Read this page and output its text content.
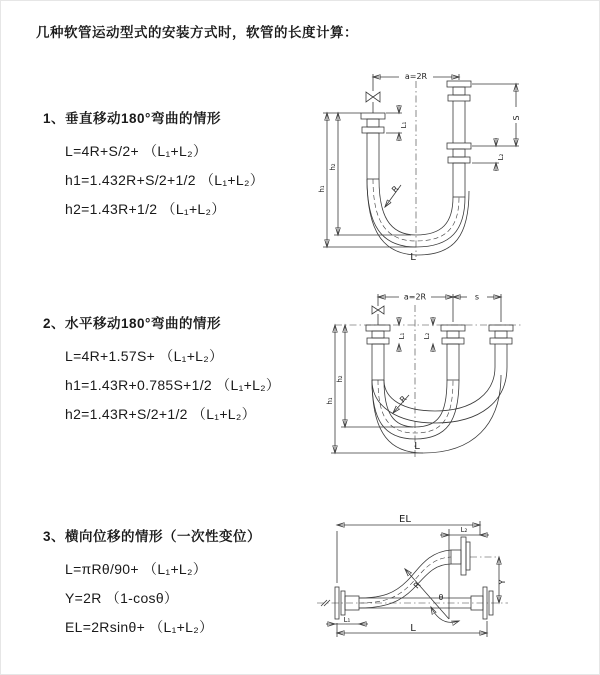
几种软管运动型式的安装方式时，软管的长度计算：
1、垂直移动180°弯曲的情形
L=4R+S/2+ （L₁+L₂）
h1=1.432R+S/2+1/2 （L₁+L₂）
h2=1.43R+1/2 （L₁+L₂）
a=2R
S
L₂
L₁
h₁
h₂
R
L
2、水平移动180°弯曲的情形
L=4R+1.57S+ （L₁+L₂）
h1=1.43R+0.785S+1/2 （L₁+L₂）
h2=1.43R+S/2+1/2 （L₁+L₂）
a=2R	s
L₁ L₂
h₁
h₂
R
L
3、横向位移的情形（一次性变位）
L=πRθ/90+ （L₁+L₂）
Y=2R （1-cosθ）
EL=2Rsinθ+ （L₁+L₂）
EL
L₂
R
θ
Y
L
L₁
